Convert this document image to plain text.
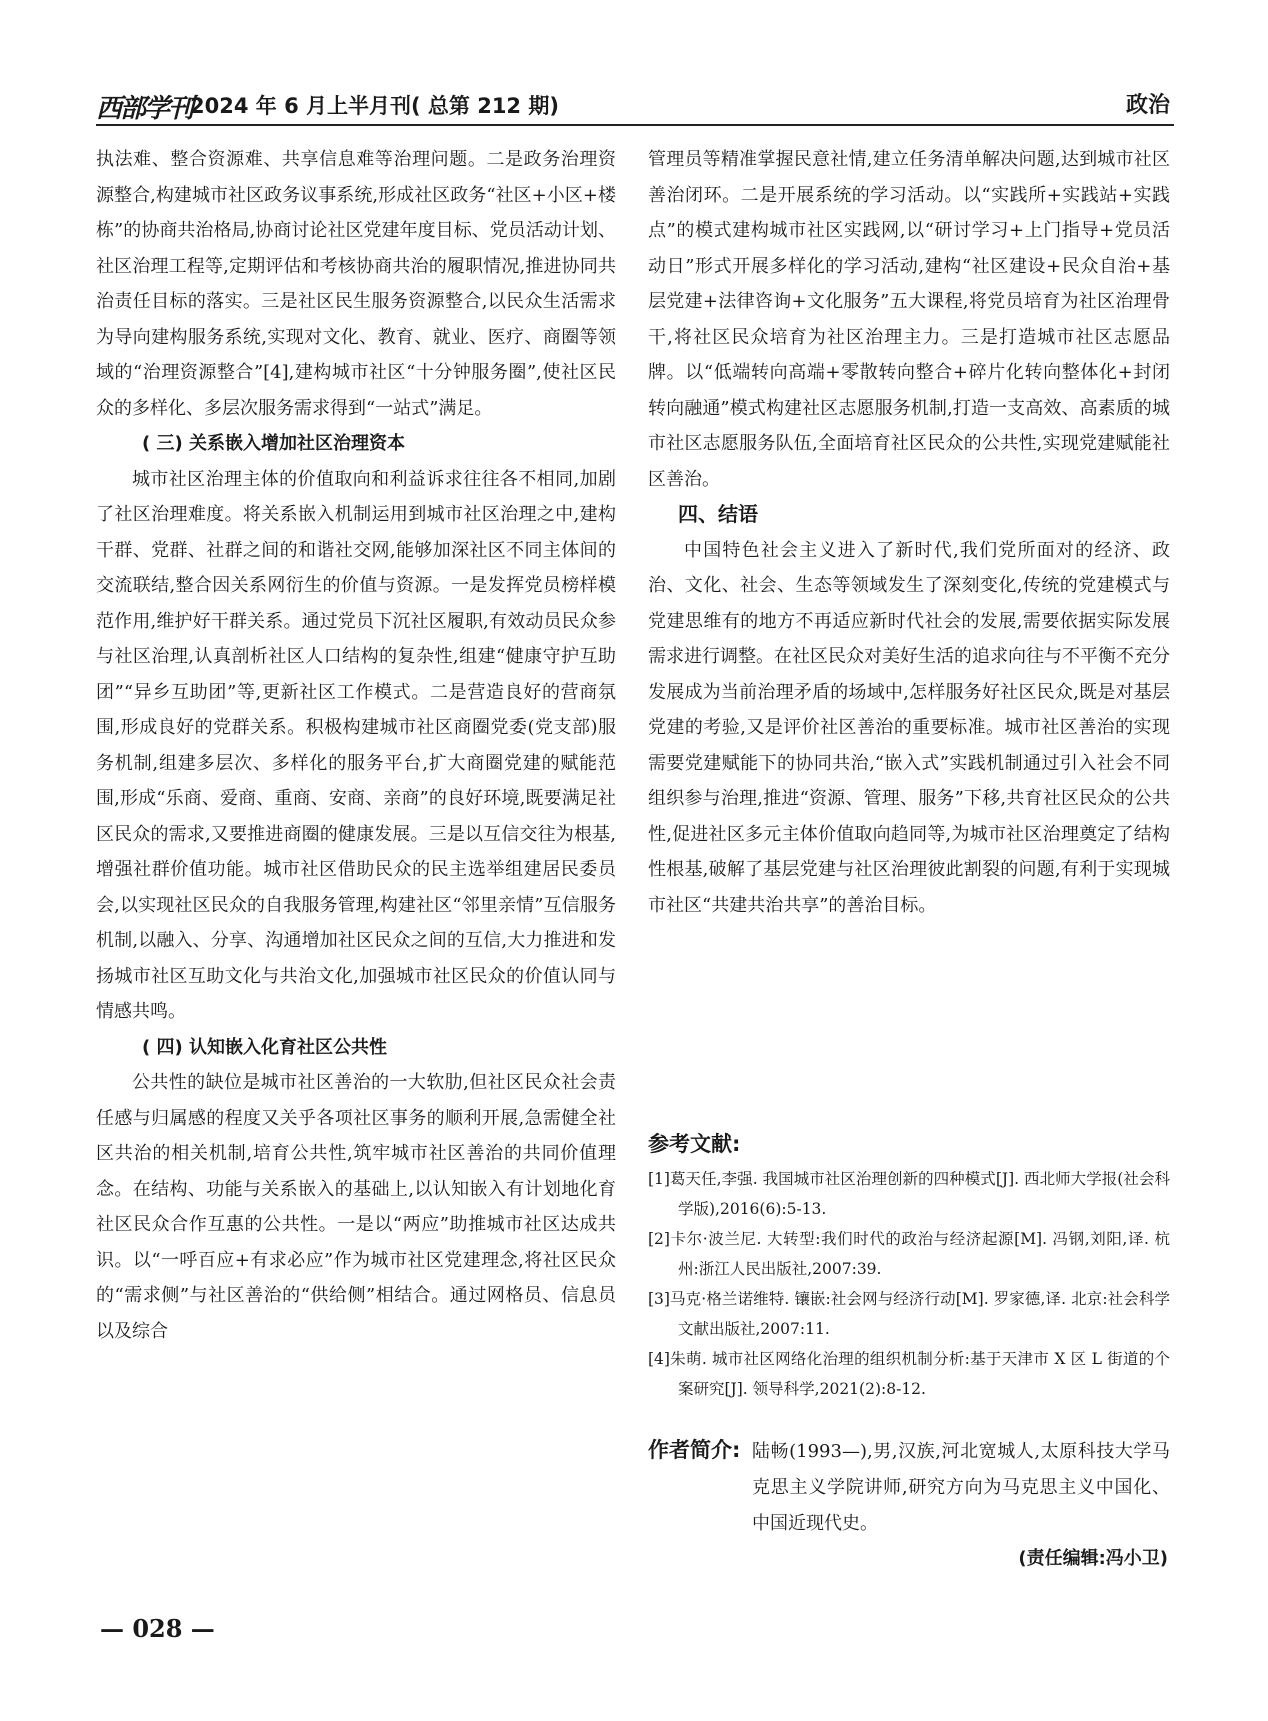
西部学刊
2024 年 6 月上半月刊( 总第 212 期)	政治

执法难、整合资源难、共享信息难等治理问题。二是政务治理资源整合,构建城市社区政务议事系统,形成社区政务“社区+小区+楼栋”的协商共治格局,协商讨论社区党建年度目标、党员活动计划、社区治理工程等,定期评估和考核协商共治的履职情况,推进协同共治责任目标的落实。三是社区民生服务资源整合,以民众生活需求为导向建构服务系统,实现对文化、教育、就业、医疗、商圈等领域的“治理资源整合”[4],建构城市社区“十分钟服务圈”,使社区民众的多样化、多层次服务需求得到“一站式”满足。

( 三) 关系嵌入增加社区治理资本

城市社区治理主体的价值取向和利益诉求往往各不相同,加剧了社区治理难度。将关系嵌入机制运用到城市社区治理之中,建构干群、党群、社群之间的和谐社交网,能够加深社区不同主体间的交流联结,整合因关系网衍生的价值与资源。一是发挥党员榜样模范作用,维护好干群关系。通过党员下沉社区履职,有效动员民众参与社区治理,认真剖析社区人口结构的复杂性,组建“健康守护互助团”“异乡互助团”等,更新社区工作模式。二是营造良好的营商氛围,形成良好的党群关系。积极构建城市社区商圈党委(党支部)服务机制,组建多层次、多样化的服务平台,扩大商圈党建的赋能范围,形成“乐商、爱商、重商、安商、亲商”的良好环境,既要满足社区民众的需求,又要推进商圈的健康发展。三是以互信交往为根基,增强社群价值功能。城市社区借助民众的民主选举组建居民委员会,以实现社区民众的自我服务管理,构建社区“邻里亲情”互信服务机制,以融入、分享、沟通增加社区民众之间的互信,大力推进和发扬城市社区互助文化与共治文化,加强城市社区民众的价值认同与情感共鸣。

( 四) 认知嵌入化育社区公共性

公共性的缺位是城市社区善治的一大软肋,但社区民众社会责任感与归属感的程度又关乎各项社区事务的顺利开展,急需健全社区共治的相关机制,培育公共性,筑牢城市社区善治的共同价值理念。在结构、功能与关系嵌入的基础上,以认知嵌入有计划地化育社区民众合作互惠的公共性。一是以“两应”助推城市社区达成共识。以“一呼百应+有求必应”作为城市社区党建理念,将社区民众的“需求侧”与社区善治的“供给侧”相结合。通过网格员、信息员以及综合

管理员等精准掌握民意社情,建立任务清单解决问题,达到城市社区善治闭环。二是开展系统的学习活动。以“实践所+实践站+实践点”的模式建构城市社区实践网,以“研讨学习+上门指导+党员活动日”形式开展多样化的学习活动,建构“社区建设+民众自治+基层党建+法律咨询+文化服务”五大课程,将党员培育为社区治理骨干,将社区民众培育为社区治理主力。三是打造城市社区志愿品牌。以“低端转向高端+零散转向整合+碎片化转向整体化+封闭转向融通”模式构建社区志愿服务机制,打造一支高效、高素质的城市社区志愿服务队伍,全面培育社区民众的公共性,实现党建赋能社区善治。

四、结语

中国特色社会主义进入了新时代,我们党所面对的经济、政治、文化、社会、生态等领域发生了深刻变化,传统的党建模式与党建思维有的地方不再适应新时代社会的发展,需要依据实际发展需求进行调整。在社区民众对美好生活的追求向往与不平衡不充分发展成为当前治理矛盾的场域中,怎样服务好社区民众,既是对基层党建的考验,又是评价社区善治的重要标准。城市社区善治的实现需要党建赋能下的协同共治,“嵌入式”实践机制通过引入社会不同组织参与治理,推进“资源、管理、服务”下移,共育社区民众的公共性,促进社区多元主体价值取向趋同等,为城市社区治理奠定了结构性根基,破解了基层党建与社区治理彼此割裂的问题,有利于实现城市社区“共建共治共享”的善治目标。

参考文献:
[1]葛天任,李强. 我国城市社区治理创新的四种模式[J]. 西北师大学报(社会科学版),2016(6):5-13.
[2]卡尔·波兰尼. 大转型:我们时代的政治与经济起源[M]. 冯钢,刘阳,译. 杭州:浙江人民出版社,2007:39.
[3]马克·格兰诺维特. 镶嵌:社会网与经济行动[M]. 罗家德,译. 北京:社会科学文献出版社,2007:11.
[4]朱萌. 城市社区网络化治理的组织机制分析:基于天津市 X 区 L 街道的个案研究[J]. 领导科学,2021(2):8-12.
作者简介: 陆畅(1993—),男,汉族,河北宽城人,太原科技大学马克思主义学院讲师,研究方向为马克思主义中国化、中国近现代史。
(责任编辑:冯小卫)
— 028 —
